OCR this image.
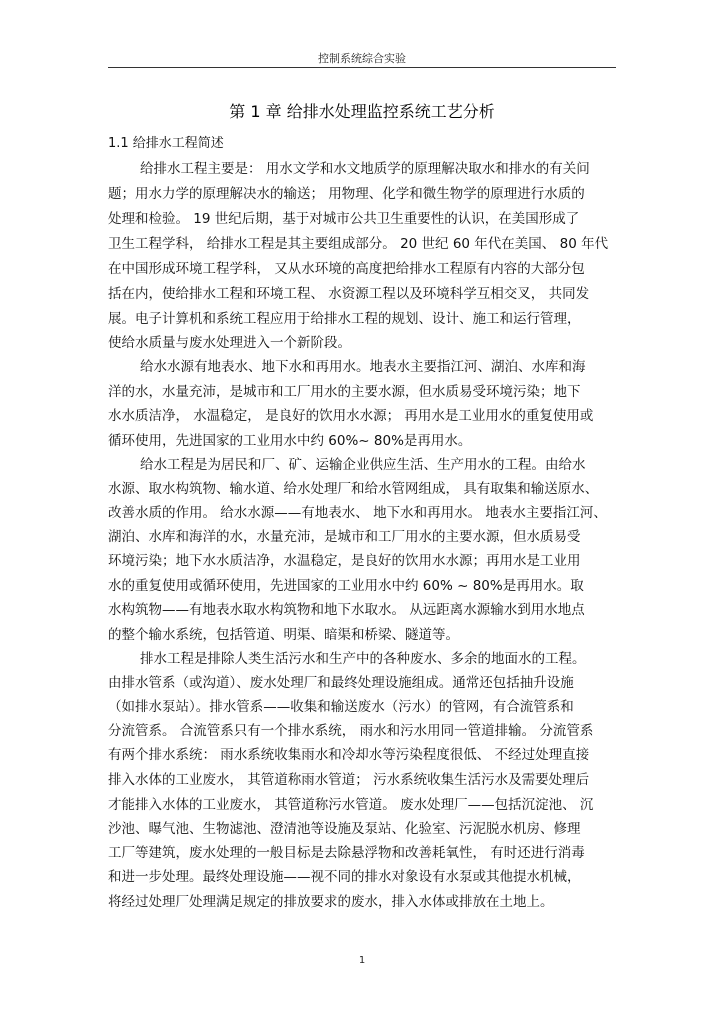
控制系统综合实验
第 1 章 给排水处理监控系统工艺分析
1.1 给排水工程简述
给排水工程主要是： 用水文学和水文地质学的原理解决取水和排水的有关问
题；用水力学的原理解决水的输送； 用物理、化学和微生物学的原理进行水质的
处理和检验。 19 世纪后期，基于对城市公共卫生重要性的认识，在美国形成了
卫生工程学科， 给排水工程是其主要组成部分。 20 世纪 60 年代在美国、 80 年代
在中国形成环境工程学科， 又从水环境的高度把给排水工程原有内容的大部分包
括在内，使给排水工程和环境工程、 水资源工程以及环境科学互相交叉， 共同发
展。电子计算机和系统工程应用于给排水工程的规划、设计、施工和运行管理，
使给水质量与废水处理进入一个新阶段。
给水水源有地表水、地下水和再用水。地表水主要指江河、湖泊、水库和海
洋的水，水量充沛，是城市和工厂用水的主要水源，但水质易受环境污染；地下
水水质洁净， 水温稳定， 是良好的饮用水水源； 再用水是工业用水的重复使用或
循环使用，先进国家的工业用水中约 60%~ 80%是再用水。
给水工程是为居民和厂、矿、运输企业供应生活、生产用水的工程。由给水
水源、取水构筑物、输水道、给水处理厂和给水管网组成， 具有取集和输送原水、
改善水质的作用。 给水水源——有地表水、 地下水和再用水。 地表水主要指江河、
湖泊、水库和海洋的水，水量充沛，是城市和工厂用水的主要水源，但水质易受
环境污染；地下水水质洁净，水温稳定，是良好的饮用水水源；再用水是工业用
水的重复使用或循环使用，先进国家的工业用水中约 60% ~ 80%是再用水。取
水构筑物——有地表水取水构筑物和地下水取水。 从远距离水源输水到用水地点
的整个输水系统，包括管道、明渠、暗渠和桥梁、隧道等。
排水工程是排除人类生活污水和生产中的各种废水、多余的地面水的工程。
由排水管系（或沟道）、废水处理厂和最终处理设施组成。通常还包括抽升设施
（如排水泵站）。排水管系——收集和输送废水（污水）的管网，有合流管系和
分流管系。 合流管系只有一个排水系统， 雨水和污水用同一管道排输。 分流管系
有两个排水系统： 雨水系统收集雨水和冷却水等污染程度很低、 不经过处理直接
排入水体的工业废水， 其管道称雨水管道； 污水系统收集生活污水及需要处理后
才能排入水体的工业废水， 其管道称污水管道。 废水处理厂——包括沉淀池、 沉
沙池、曝气池、生物滤池、澄清池等设施及泵站、化验室、污泥脱水机房、修理
工厂等建筑，废水处理的一般目标是去除悬浮物和改善耗氧性， 有时还进行消毒
和进一步处理。最终处理设施——视不同的排水对象设有水泵或其他提水机械，
将经过处理厂处理满足规定的排放要求的废水，排入水体或排放在土地上。
1
